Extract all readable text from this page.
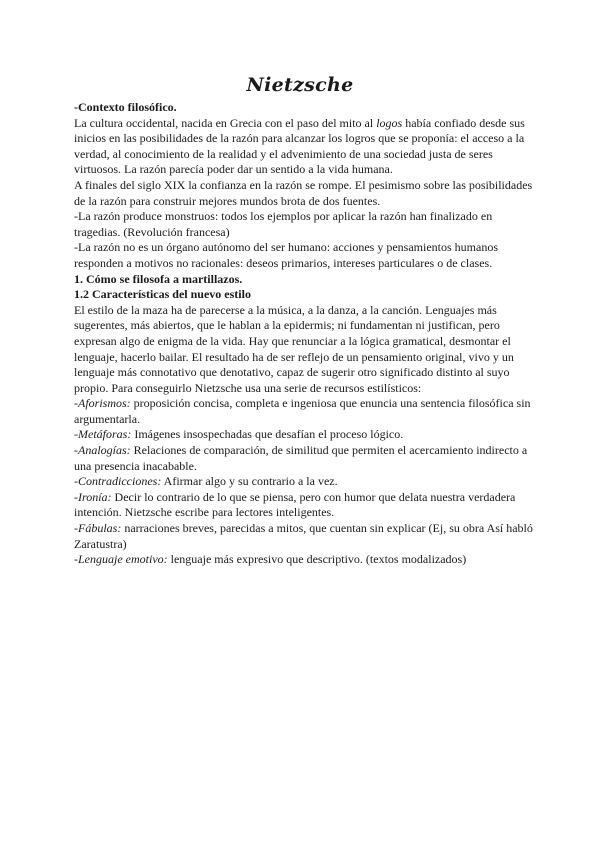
Nietzsche

-Contexto filosófico.

La cultura occidental, nacida en Grecia con el paso del mito al logos había confiado desde sus inicios en las posibilidades de la razón para alcanzar los logros que se proponía: el acceso a la verdad, al conocimiento de la realidad y el advenimiento de una sociedad justa de seres virtuosos. La razón parecía poder dar un sentido a la vida humana.

A finales del siglo XIX la confianza en la razón se rompe. El pesimismo sobre las posibilidades de la razón para construir mejores mundos brota de dos fuentes.

-La razón produce monstruos: todos los ejemplos por aplicar la razón han finalizado en tragedias. (Revolución francesa)

-La razón no es un órgano autónomo del ser humano: acciones y pensamientos humanos responden a motivos no racionales: deseos primarios, intereses particulares o de clases.

1. Cómo se filosofa a martillazos.

1.2 Características del nuevo estilo

El estilo de la maza ha de parecerse a la música, a la danza, a la canción. Lenguajes más sugerentes, más abiertos, que le hablan a la epidermis; ni fundamentan ni justifican, pero expresan algo de enigma de la vida. Hay que renunciar a la lógica gramatical, desmontar el lenguaje, hacerlo bailar. El resultado ha de ser reflejo de un pensamiento original, vivo y un lenguaje más connotativo que denotativo, capaz de sugerir otro significado distinto al suyo propio. Para conseguirlo Nietzsche usa una serie de recursos estilísticos:

-Aforismos: proposición concisa, completa e ingeniosa que enuncia una sentencia filosófica sin argumentarla.

-Metáforas: Imágenes insospechadas que desafían el proceso lógico.

-Analogías: Relaciones de comparación, de similitud que permiten el acercamiento indirecto a una presencia inacabable.

-Contradicciones: Afirmar algo y su contrario a la vez.

-Ironía: Decir lo contrario de lo que se piensa, pero con humor que delata nuestra verdadera intención. Nietzsche escribe para lectores inteligentes.

-Fábulas: narraciones breves, parecidas a mitos, que cuentan sin explicar (Ej, su obra Así habló Zaratustra)

-Lenguaje emotivo: lenguaje más expresivo que descriptivo. (textos modalizados)
